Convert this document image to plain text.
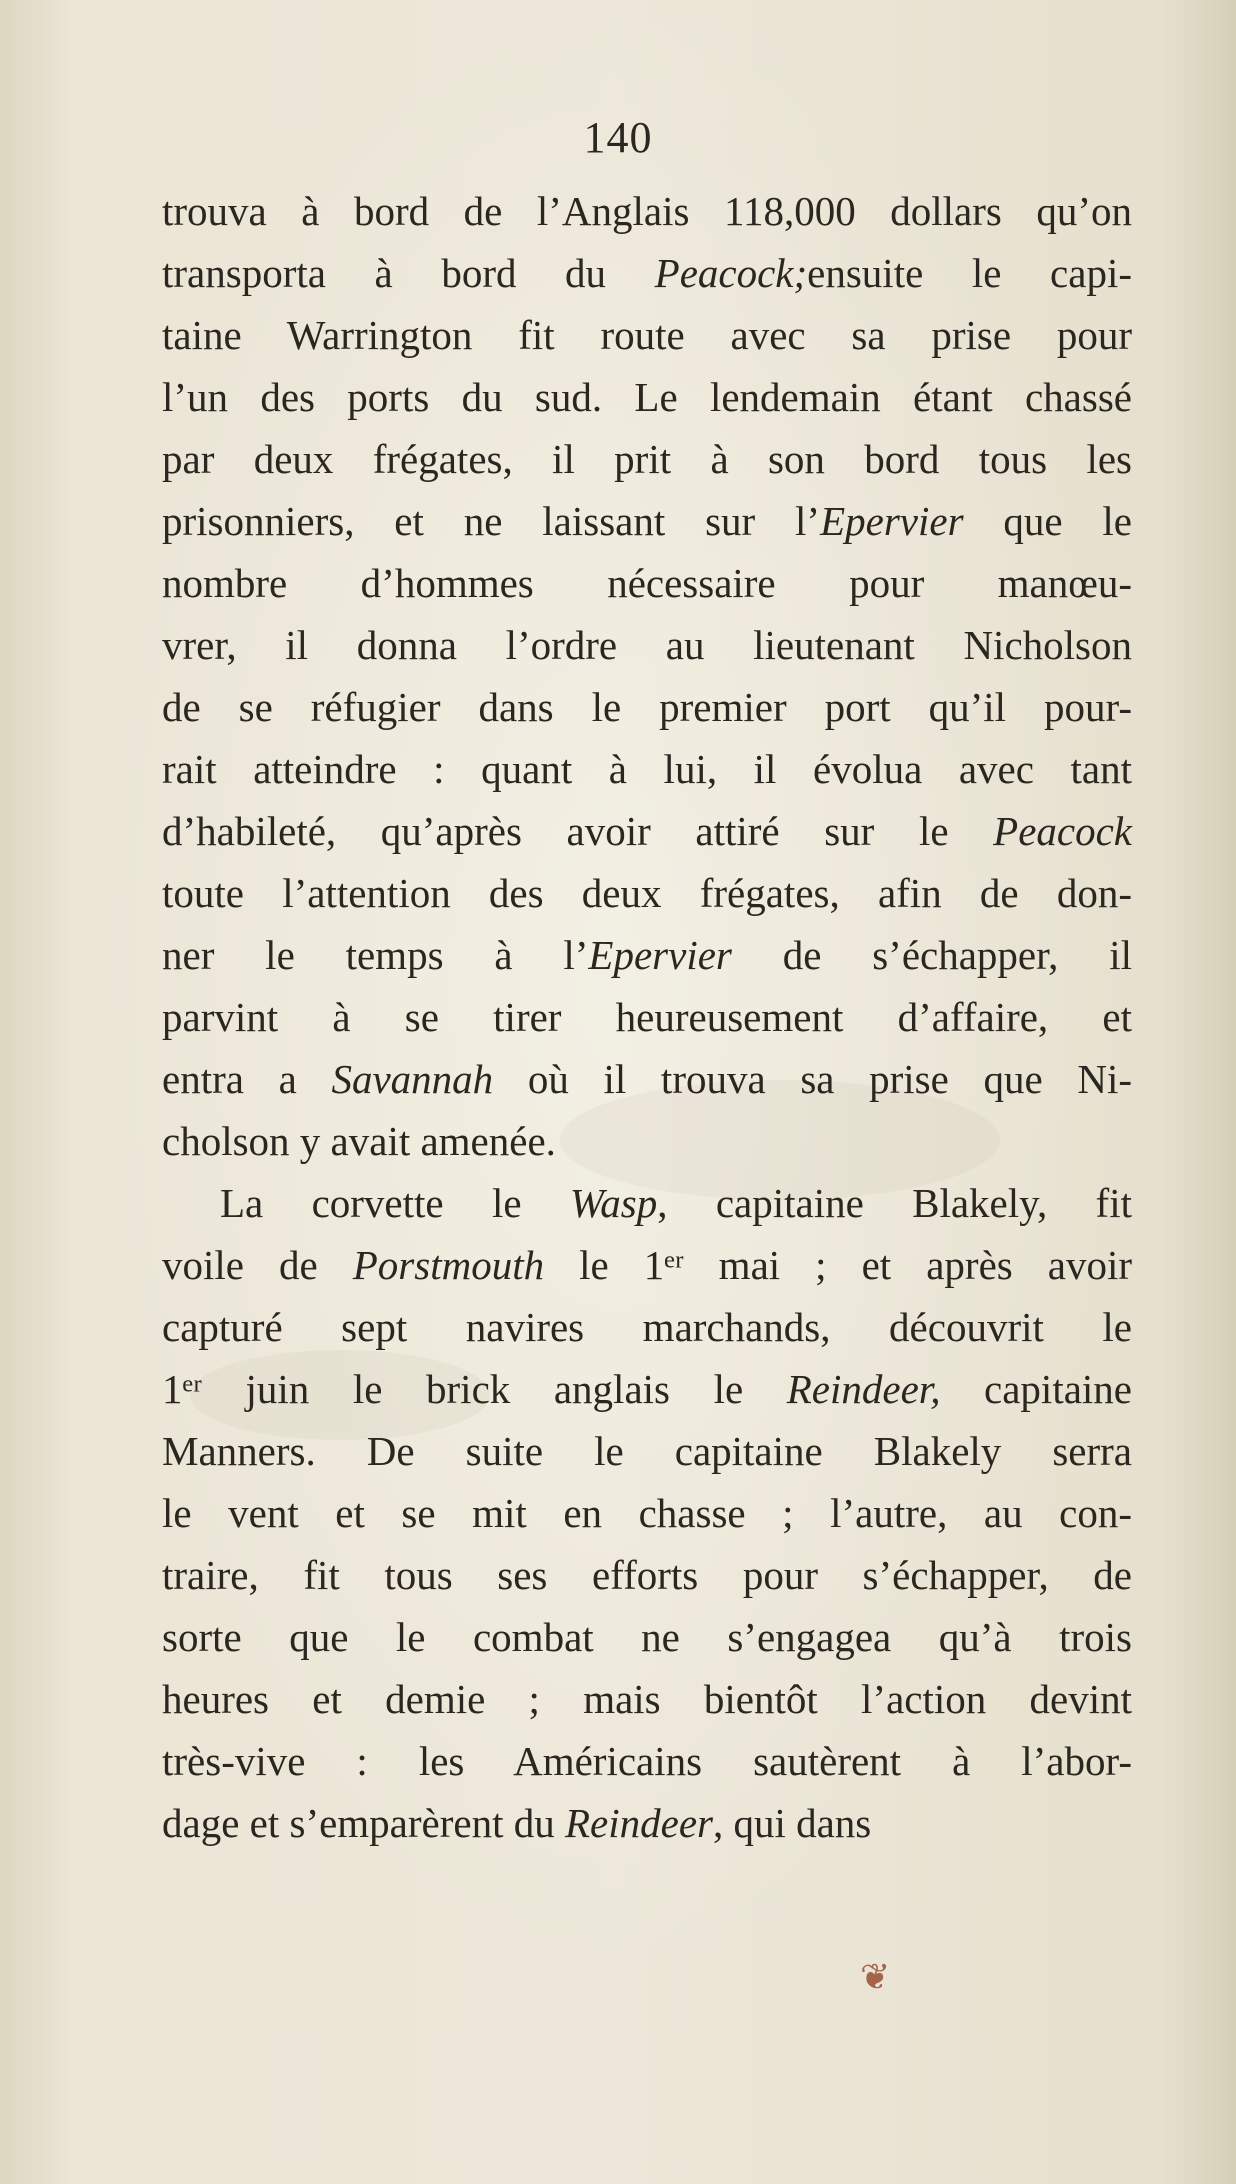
140
trouva à bord de l’Anglais 118,000 dollars qu’on
transporta à bord du Peacock;ensuite le capi-
taine Warrington fit route avec sa prise pour
l’un des ports du sud. Le lendemain étant chassé
par deux frégates, il prit à son bord tous les
prisonniers, et ne laissant sur l’Epervier que le
nombre d’hommes nécessaire pour manœu-
vrer, il donna l’ordre au lieutenant Nicholson
de se réfugier dans le premier port qu’il pour-
rait atteindre : quant à lui, il évolua avec tant
d’habileté, qu’après avoir attiré sur le Peacock
toute l’attention des deux frégates, afin de don-
ner le temps à l’Epervier de s’échapper, il
parvint à se tirer heureusement d’affaire, et
entra a Savannah où il trouva sa prise que Ni-
cholson y avait amenée.
La corvette le Wasp, capitaine Blakely, fit
voile de Porstmouth le 1ᵉʳ mai ; et après avoir
capturé sept navires marchands, découvrit le
1ᵉʳ juin le brick anglais le Reindeer, capitaine
Manners. De suite le capitaine Blakely serra
le vent et se mit en chasse ; l’autre, au con-
traire, fit tous ses efforts pour s’échapper, de
sorte que le combat ne s’engagea qu’à trois
heures et demie ; mais bientôt l’action devint
très-vive : les Américains sautèrent à l’abor-
dage et s’emparèrent du Reindeer, qui dans
❦
